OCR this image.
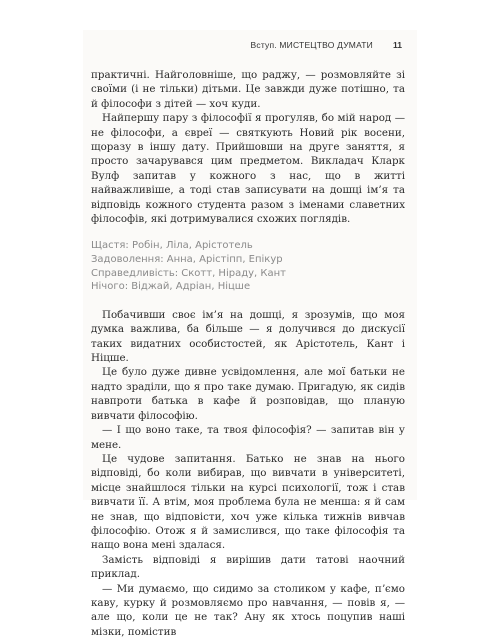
Вступ. МИСТЕЦТВО ДУМАТИ 11

практичні. Найголовніше, що раджу, — розмовляйте зі своїми (і не тільки) дітьми. Це завжди дуже потішно, та й філософи з дітей — хоч куди.

Найпершу пару з філософії я прогуляв, бо мій народ — не філософи, а євреї — святкують Новий рік восени, щоразу в іншу дату. Прийшовши на друге заняття, я просто зачарувався цим предметом. Викладач Кларк Вулф запитав у кожного з нас, що в житті найважливіше, а тоді став записувати на дошці ім’я та відповідь кожного студента разом з іменами славетних філософів, які дотримувалися схожих поглядів.

Щастя: Робін, Ліла, Арістотель
Задоволення: Анна, Арістіпп, Епікур
Справедливість: Скотт, Ніраду, Кант
Нічого: Віджай, Адріан, Ніцше

Побачивши своє ім’я на дошці, я зрозумів, що моя думка важлива, ба більше — я долучився до дискусії таких видатних особистостей, як Арістотель, Кант і Ніцше.

Це було дуже дивне усвідомлення, але мої батьки не надто зраділи, що я про таке думаю. Пригадую, як сидів навпроти батька в кафе й розповідав, що планую вивчати філософію.

— І що воно таке, та твоя філософія? — запитав він у мене.

Це чудове запитання. Батько не знав на нього відповіді, бо коли вибирав, що вивчати в університеті, місце знайшлося тільки на курсі психології, тож і став вивчати її. А втім, моя проблема була не менша: я й сам не знав, що відповісти, хоч уже кілька тижнів вивчав філософію. Отож я й замислився, що таке філософія та нащо вона мені здалася.

Замість відповіді я вирішив дати татові наочний приклад.

— Ми думаємо, що сидимо за столиком у кафе, пʼємо каву, курку й розмовляємо про навчання, — повів я, — але що, коли це не так? Ану як хтось поцупив наші мізки, помістив
